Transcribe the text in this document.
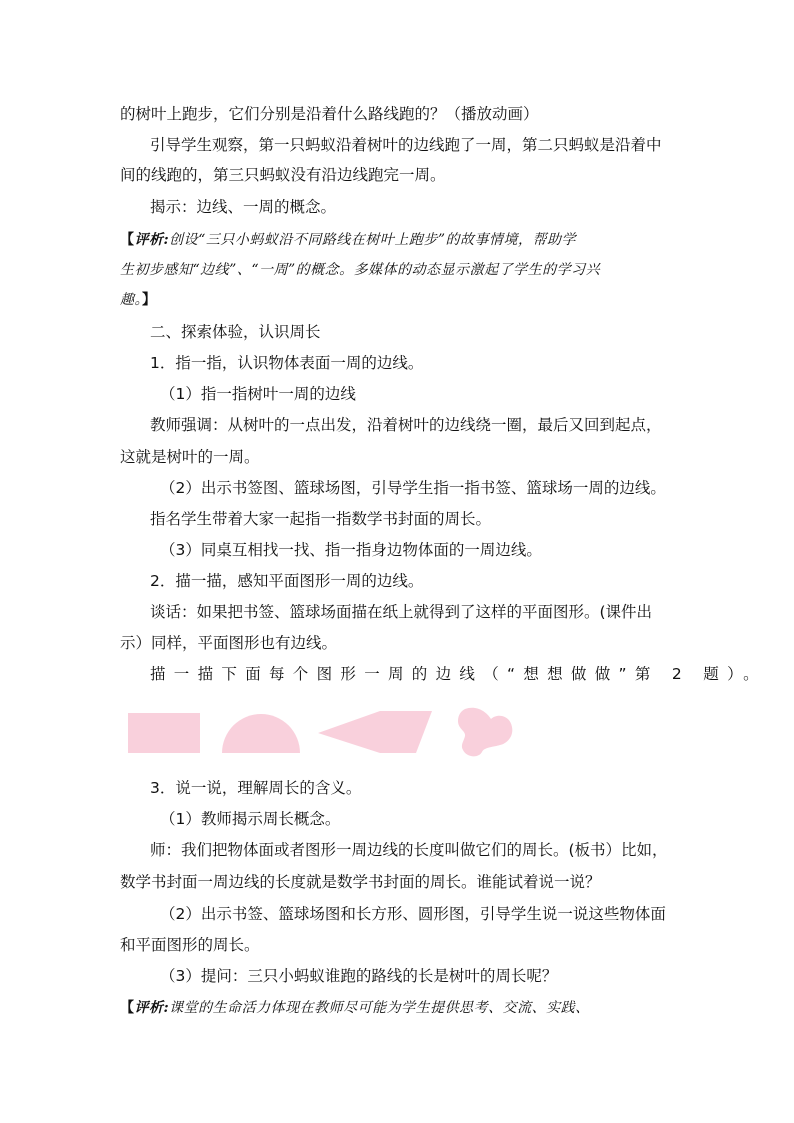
的树叶上跑步，它们分别是沿着什么路线跑的？（播放动画）
引导学生观察，第一只蚂蚁沿着树叶的边线跑了一周，第二只蚂蚁是沿着中
间的线跑的，第三只蚂蚁没有沿边线跑完一周。
揭示：边线、一周的概念。
【评析:创设“三只小蚂蚁沿不同路线在树叶上跑步”的故事情境，帮助学
生初步感知“边线”、“一周”的概念。多媒体的动态显示激起了学生的学习兴
趣。】
二、探索体验，认识周长
1．指一指，认识物体表面一周的边线。
（1）指一指树叶一周的边线
教师强调：从树叶的一点出发，沿着树叶的边线绕一圈，最后又回到起点，
这就是树叶的一周。
（2）出示书签图、篮球场图，引导学生指一指书签、篮球场一周的边线。
指名学生带着大家一起指一指数学书封面的周长。
（3）同桌互相找一找、指一指身边物体面的一周边线。
2．描一描，感知平面图形一周的边线。
谈话：如果把书签、篮球场面描在纸上就得到了这样的平面图形。(课件出
示）同样，平面图形也有边线。
描一描下面每个图形一周的边线（“想想做做”第 2 题）。
3．说一说，理解周长的含义。
（1）教师揭示周长概念。
师：我们把物体面或者图形一周边线的长度叫做它们的周长。(板书）比如，
数学书封面一周边线的长度就是数学书封面的周长。谁能试着说一说？
（2）出示书签、篮球场图和长方形、圆形图，引导学生说一说这些物体面
和平面图形的周长。
（3）提问：三只小蚂蚁谁跑的路线的长是树叶的周长呢？
【评析:课堂的生命活力体现在教师尽可能为学生提供思考、交流、实践、
